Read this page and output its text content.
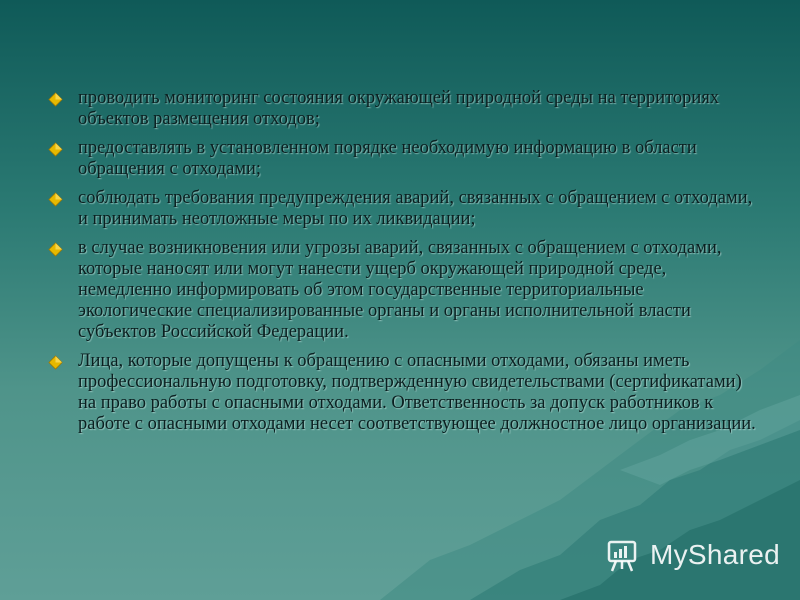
проводить мониторинг состояния окружающей природной среды на территориях объектов размещения отходов;
предоставлять в установленном порядке необходимую информацию в области обращения с отходами;
соблюдать требования предупреждения аварий, связанных с обращением с отходами, и принимать неотложные меры по их ликвидации;
в случае возникновения или угрозы аварий, связанных с обращением с отходами, которые наносят или могут нанести ущерб окружающей природной среде, немедленно информировать об этом государственные территориальные экологические специализированные органы и органы исполнительной власти субъектов Российской Федерации.
Лица, которые допущены к обращению с опасными отходами, обязаны иметь профессиональную подготовку, подтвержденную свидетельствами (сертификатами) на право работы с опасными отходами. Ответственность за допуск работников к работе с опасными отходами несет соответствующее должностное лицо организации.
MyShared
